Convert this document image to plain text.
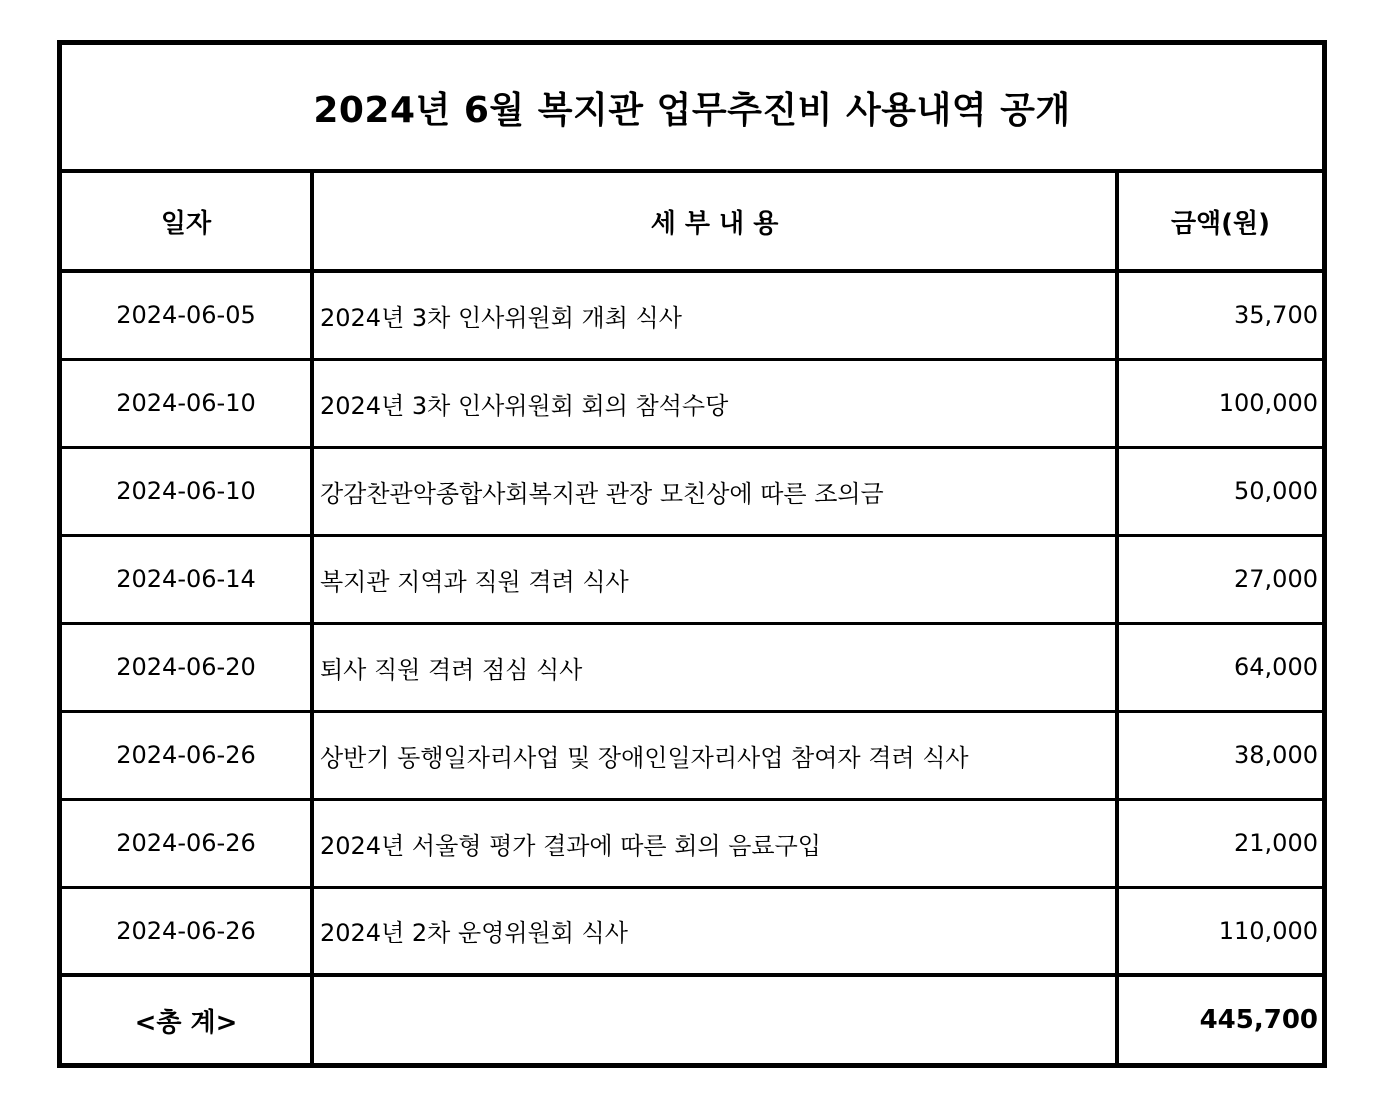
2024년 6월 복지관 업무추진비 사용내역 공개
일자	세 부 내 용	금액(원)
2024-06-05	2024년 3차 인사위원회 개최 식사	35,700
2024-06-10	2024년 3차 인사위원회 회의 참석수당	100,000
2024-06-10	강감찬관악종합사회복지관 관장 모친상에 따른 조의금	50,000
2024-06-14	복지관 지역과 직원 격려 식사	27,000
2024-06-20	퇴사 직원 격려 점심 식사	64,000
2024-06-26	상반기 동행일자리사업 및 장애인일자리사업 참여자 격려 식사	38,000
2024-06-26	2024년 서울형 평가 결과에 따른 회의 음료구입	21,000
2024-06-26	2024년 2차 운영위원회 식사	110,000
<총 계>		445,700
